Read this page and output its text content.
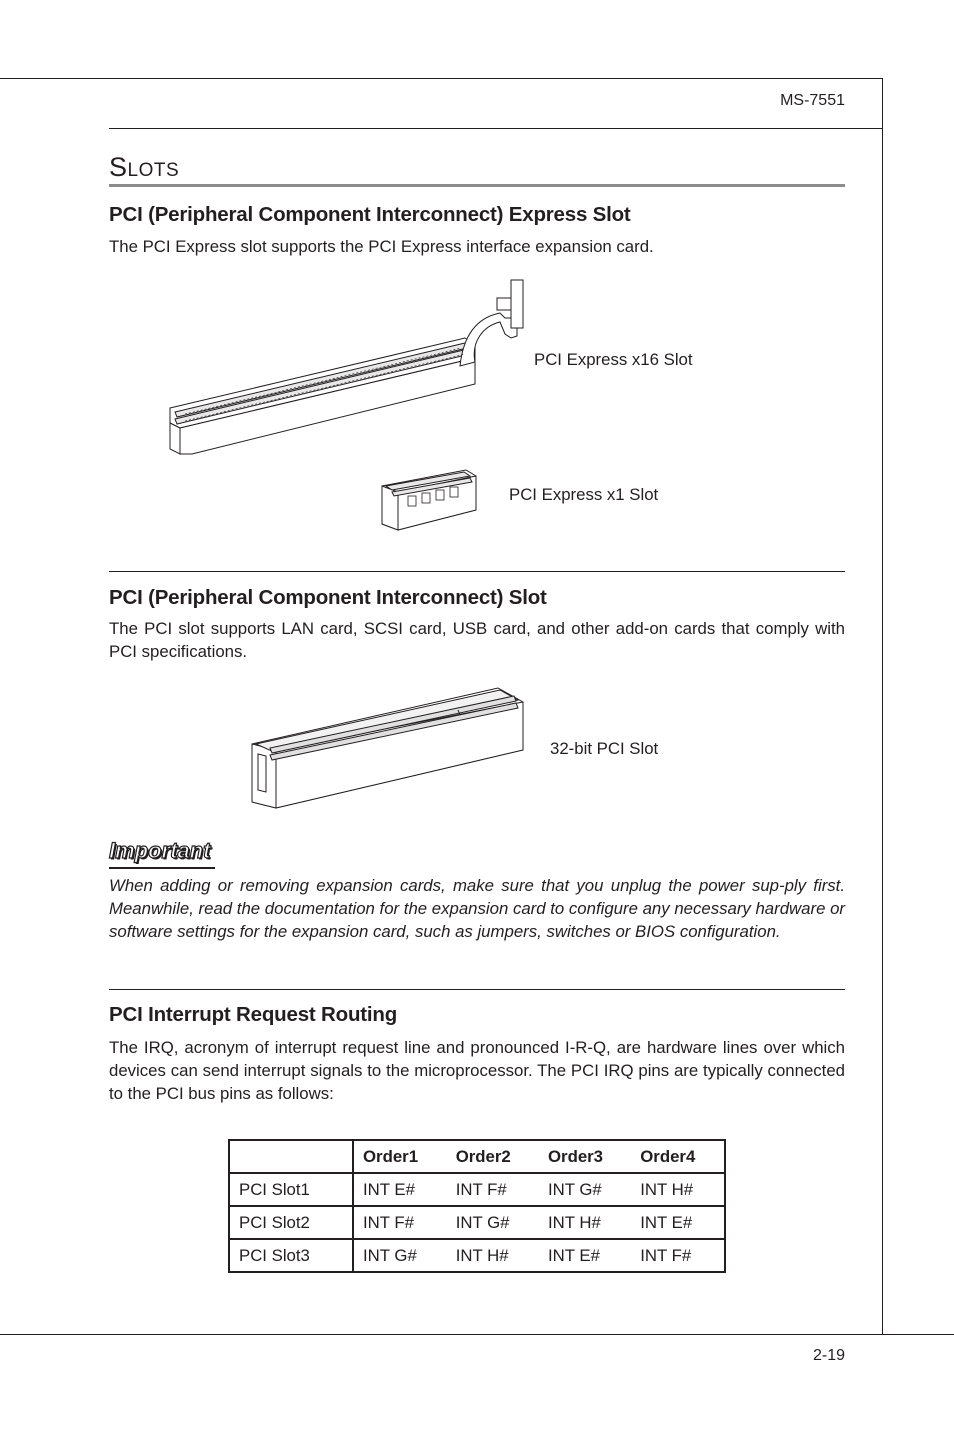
MS-7551
Slots
PCI (Peripheral Component Interconnect) Express Slot

The PCI Express slot supports the PCI Express interface expansion card.

PCI Express x16 Slot
PCI Express x1 Slot
PCI (Peripheral Component Interconnect) Slot

The PCI slot supports LAN card, SCSI card, USB card, and other add-on cards that comply with PCI specifications.

32-bit PCI Slot
Important

When adding or removing expansion cards, make sure that you unplug the power sup-ply first. Meanwhile, read the documentation for the expansion card to configure any necessary hardware or software settings for the expansion card, such as jumpers, switches or BIOS configuration.

PCI Interrupt Request Routing

The IRQ, acronym of interrupt request line and pronounced I-R-Q, are hardware lines over which devices can send interrupt signals to the microprocessor. The PCI IRQ pins are typically connected to the PCI bus pins as follows:

	Order1	Order2	Order3	Order4
PCI Slot1	INT E#	INT F#	INT G#	INT H#
PCI Slot2	INT F#	INT G#	INT H#	INT E#
PCI Slot3	INT G#	INT H#	INT E#	INT F#
2-19
